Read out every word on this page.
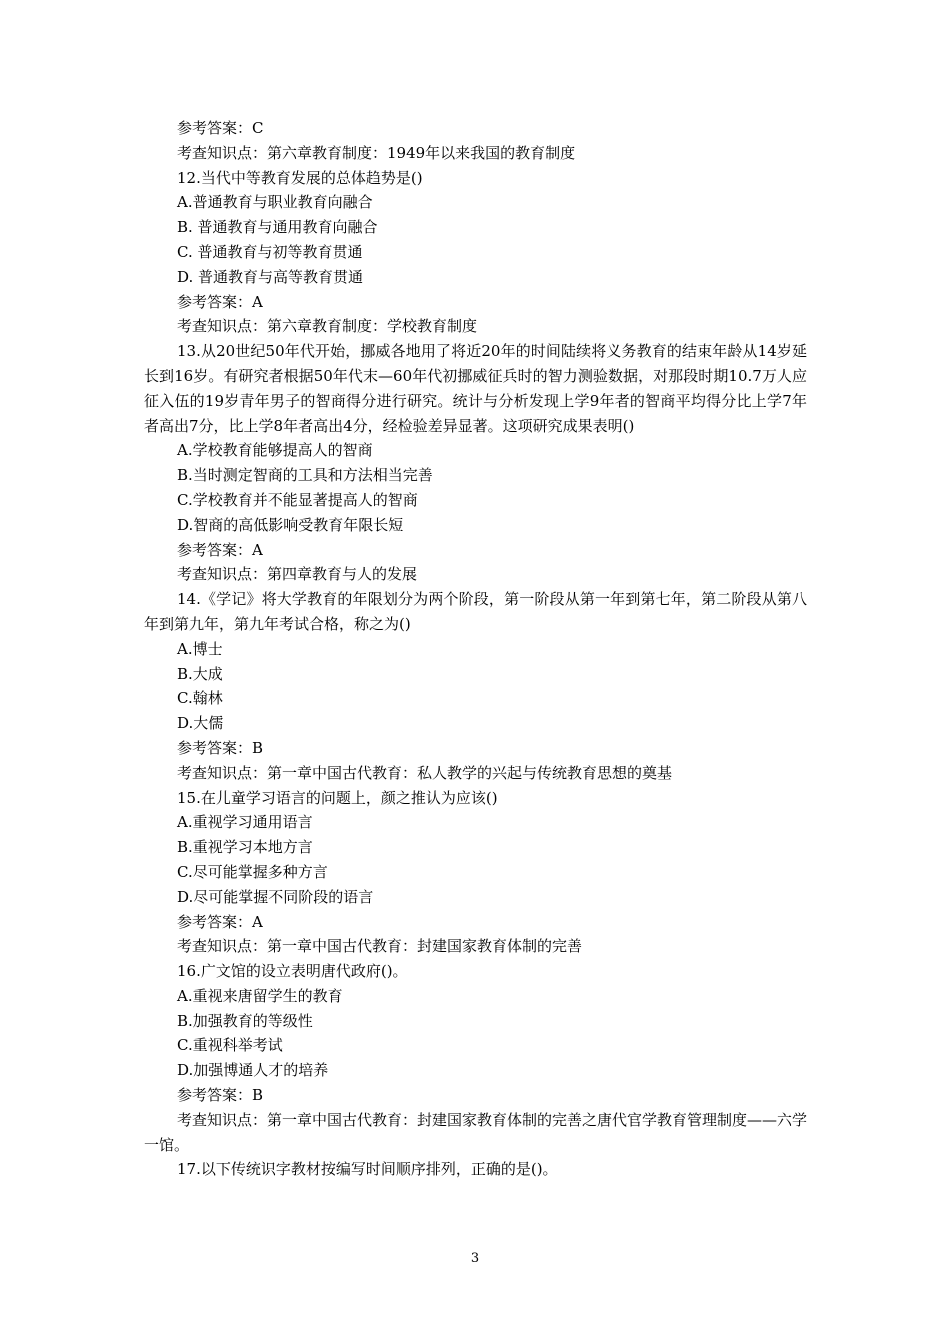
参考答案：C
考查知识点：第六章教育制度：1949年以来我国的教育制度
12.当代中等教育发展的总体趋势是()
A.普通教育与职业教育向融合
B. 普通教育与通用教育向融合
C. 普通教育与初等教育贯通
D. 普通教育与高等教育贯通
参考答案：A
考查知识点：第六章教育制度：学校教育制度
13.从20世纪50年代开始，挪威各地用了将近20年的时间陆续将义务教育的结束年龄从14岁延长到16岁。有研究者根据50年代末—60年代初挪威征兵时的智力测验数据，对那段时期10.7万人应征入伍的19岁青年男子的智商得分进行研究。统计与分析发现上学9年者的智商平均得分比上学7年者高出7分，比上学8年者高出4分，经检验差异显著。这项研究成果表明()
A.学校教育能够提高人的智商
B.当时测定智商的工具和方法相当完善
C.学校教育并不能显著提高人的智商
D.智商的高低影响受教育年限长短
参考答案：A
考查知识点：第四章教育与人的发展
14.《学记》将大学教育的年限划分为两个阶段，第一阶段从第一年到第七年，第二阶段从第八年到第九年，第九年考试合格，称之为()
A.博士
B.大成
C.翰林
D.大儒
参考答案：B
考查知识点：第一章中国古代教育：私人教学的兴起与传统教育思想的奠基
15.在儿童学习语言的问题上，颜之推认为应该()
A.重视学习通用语言
B.重视学习本地方言
C.尽可能掌握多种方言
D.尽可能掌握不同阶段的语言
参考答案：A
考查知识点：第一章中国古代教育：封建国家教育体制的完善
16.广文馆的设立表明唐代政府()。
A.重视来唐留学生的教育
B.加强教育的等级性
C.重视科举考试
D.加强博通人才的培养
参考答案：B
考查知识点：第一章中国古代教育：封建国家教育体制的完善之唐代官学教育管理制度——六学一馆。
17.以下传统识字教材按编写时间顺序排列，正确的是()。
3
